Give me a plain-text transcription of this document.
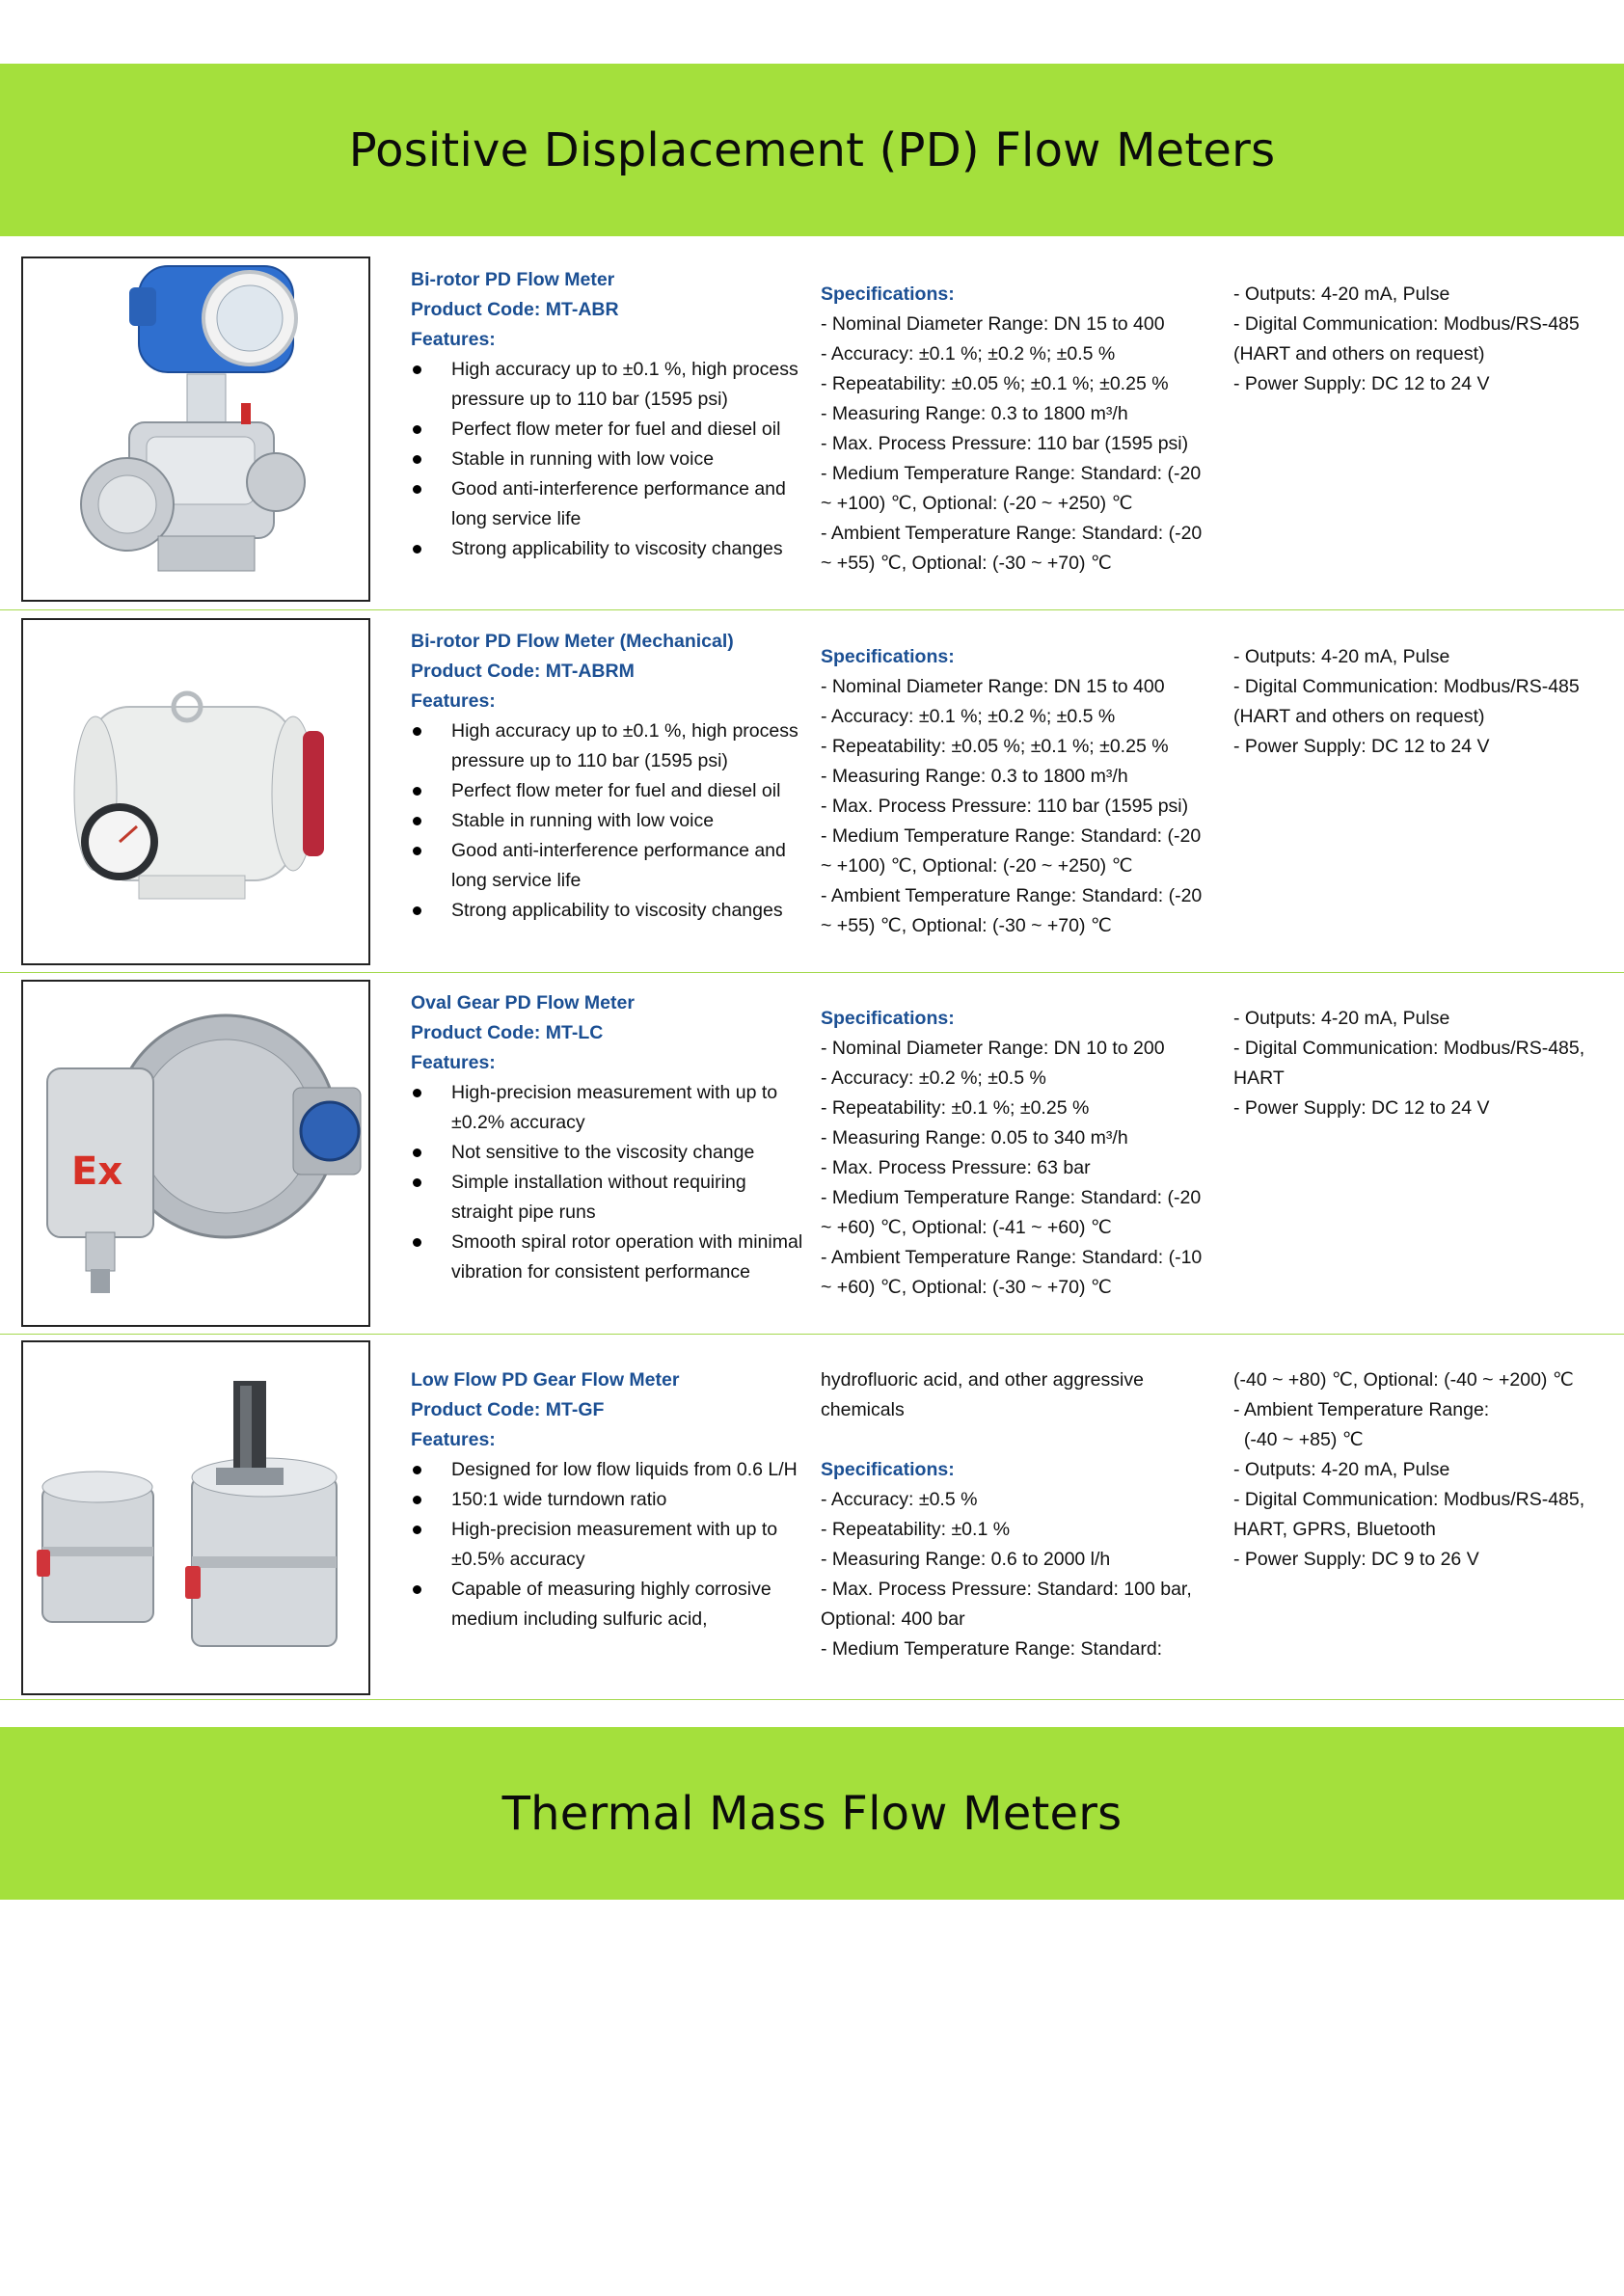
Positive Displacement (PD) Flow Meters

Bi-rotor PD Flow Meter

Product Code: MT-ABR

Features:

High accuracy up to ±0.1 %, high process pressure up to 110 bar (1595 psi)
Perfect flow meter for fuel and diesel oil
Stable in running with low voice
Good anti-interference performance and long service life
Strong applicability to viscosity changes

Specifications:

- Nominal Diameter Range: DN 15 to 400

- Accuracy: ±0.1 %; ±0.2 %; ±0.5 %

- Repeatability: ±0.05 %; ±0.1 %; ±0.25 %

- Measuring Range: 0.3 to 1800 m³/h

- Max. Process Pressure: 110 bar (1595 psi)

- Medium Temperature Range: Standard: (-20 ~ +100) ℃, Optional: (-20 ~ +250) ℃

- Ambient Temperature Range: Standard: (-20 ~ +55) ℃, Optional: (-30 ~ +70) ℃

- Outputs: 4-20 mA, Pulse

- Digital Communication: Modbus/RS-485 (HART and others on request)

- Power Supply: DC 12 to 24 V

Bi-rotor PD Flow Meter (Mechanical)

Product Code: MT-ABRM

Features:

High accuracy up to ±0.1 %, high process pressure up to 110 bar (1595 psi)
Perfect flow meter for fuel and diesel oil
Stable in running with low voice
Good anti-interference performance and long service life
Strong applicability to viscosity changes

Specifications:

- Nominal Diameter Range: DN 15 to 400

- Accuracy: ±0.1 %; ±0.2 %; ±0.5 %

- Repeatability: ±0.05 %; ±0.1 %; ±0.25 %

- Measuring Range: 0.3 to 1800 m³/h

- Max. Process Pressure: 110 bar (1595 psi)

- Medium Temperature Range: Standard: (-20 ~ +100) ℃, Optional: (-20 ~ +250) ℃

- Ambient Temperature Range: Standard: (-20 ~ +55) ℃, Optional: (-30 ~ +70) ℃

- Outputs: 4-20 mA, Pulse

- Digital Communication: Modbus/RS-485 (HART and others on request)

- Power Supply: DC 12 to 24 V

Ex

Oval Gear PD Flow Meter

Product Code: MT-LC

Features:

High-precision measurement with up to ±0.2% accuracy
Not sensitive to the viscosity change
Simple installation without requiring straight pipe runs
Smooth spiral rotor operation with minimal vibration for consistent performance

Specifications:

- Nominal Diameter Range: DN 10 to 200

- Accuracy: ±0.2 %; ±0.5 %

- Repeatability: ±0.1 %; ±0.25 %

- Measuring Range: 0.05 to 340 m³/h

- Max. Process Pressure: 63 bar

- Medium Temperature Range: Standard: (-20 ~ +60) ℃, Optional: (-41 ~ +60) ℃

- Ambient Temperature Range: Standard: (-10 ~ +60) ℃, Optional: (-30 ~ +70) ℃

- Outputs: 4-20 mA, Pulse

- Digital Communication: Modbus/RS-485, HART

- Power Supply: DC 12 to 24 V

Low Flow PD Gear Flow Meter

Product Code: MT-GF

Features:

Designed for low flow liquids from 0.6 L/H
150:1 wide turndown ratio
High-precision measurement with up to ±0.5% accuracy
Capable of measuring highly corrosive medium including sulfuric acid,

hydrofluoric acid, and other aggressive chemicals

Specifications:

- Accuracy: ±0.5 %

- Repeatability: ±0.1 %

- Measuring Range: 0.6 to 2000 l/h

- Max. Process Pressure: Standard: 100 bar, Optional: 400 bar

- Medium Temperature Range: Standard:

(-40 ~ +80) ℃, Optional: (-40 ~ +200) ℃

- Ambient Temperature Range:

(-40 ~ +85) ℃

- Outputs: 4-20 mA, Pulse

- Digital Communication: Modbus/RS-485, HART, GPRS, Bluetooth

- Power Supply: DC 9 to 26 V

Thermal Mass Flow Meters
